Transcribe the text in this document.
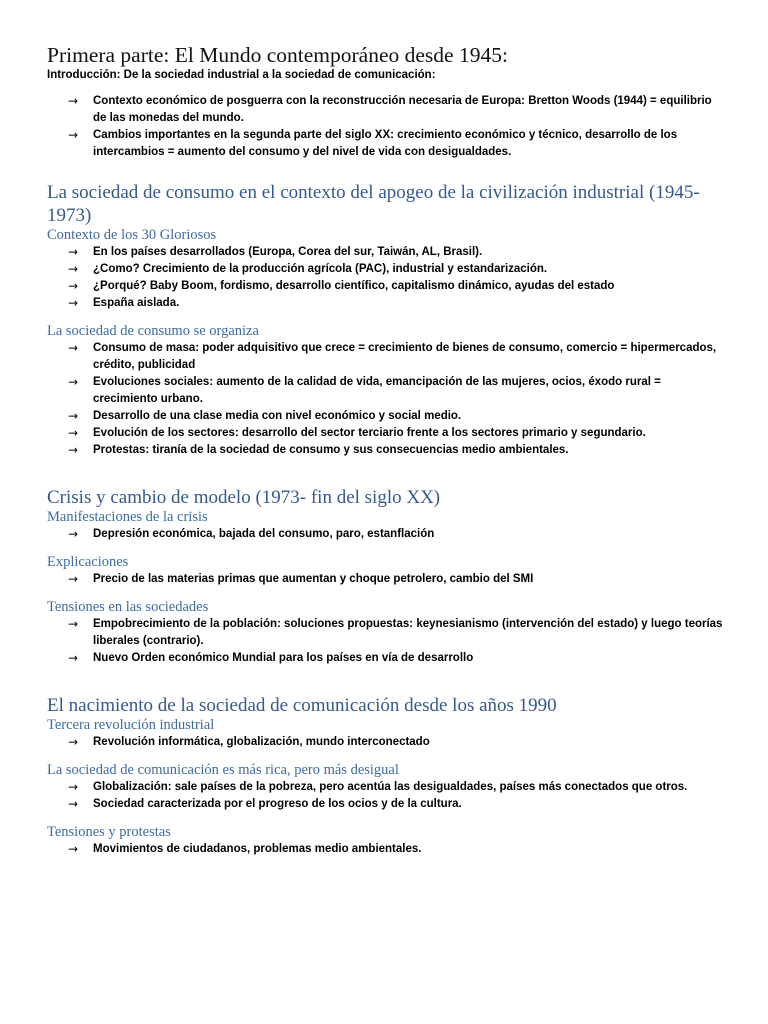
Primera parte: El Mundo contemporáneo desde 1945:
Introducción: De la sociedad industrial a la sociedad de comunicación:
→ Contexto económico de posguerra con la reconstrucción necesaria de Europa: Bretton Woods (1944) = equilibrio de las monedas del mundo.
→ Cambios importantes en la segunda parte del siglo XX: crecimiento económico y técnico, desarrollo de los intercambios = aumento del consumo y del nivel de vida con desigualdades.
La sociedad de consumo en el contexto del apogeo de la civilización industrial (1945-1973)
Contexto de los 30 Gloriosos
→ En los países desarrollados (Europa, Corea del sur, Taiwán, AL, Brasil).
→ ¿Como? Crecimiento de la producción agrícola (PAC), industrial y estandarización.
→ ¿Porqué? Baby Boom, fordismo, desarrollo científico, capitalismo dinámico, ayudas del estado
→ España aislada.
La sociedad de consumo se organiza
→ Consumo de masa: poder adquisitivo que crece = crecimiento de bienes de consumo, comercio = hipermercados, crédito, publicidad
→ Evoluciones sociales: aumento de la calidad de vida, emancipación de las mujeres, ocios, éxodo rural = crecimiento urbano.
→ Desarrollo de una clase media con nivel económico y social medio.
→ Evolución de los sectores: desarrollo del sector terciario frente a los sectores primario y segundario.
→ Protestas: tiranía de la sociedad de consumo y sus consecuencias medio ambientales.
Crisis y cambio de modelo (1973- fin del siglo XX)
Manifestaciones de la crisis
→ Depresión económica, bajada del consumo, paro, estanflación
Explicaciones
→ Precio de las materias primas que aumentan y choque petrolero, cambio del SMI
Tensiones en las sociedades
→ Empobrecimiento de la población: soluciones propuestas: keynesianismo (intervención del estado) y luego teorías liberales (contrario).
→ Nuevo Orden económico Mundial para los países en vía de desarrollo
El nacimiento de la sociedad de comunicación desde los años 1990
Tercera revolución industrial
→ Revolución informática, globalización, mundo interconectado
La sociedad de comunicación es más rica, pero más desigual
→ Globalización: sale países de la pobreza, pero acentúa las desigualdades, países más conectados que otros.
→ Sociedad caracterizada por el progreso de los ocios y de la cultura.
Tensiones y protestas
→ Movimientos de ciudadanos, problemas medio ambientales.
